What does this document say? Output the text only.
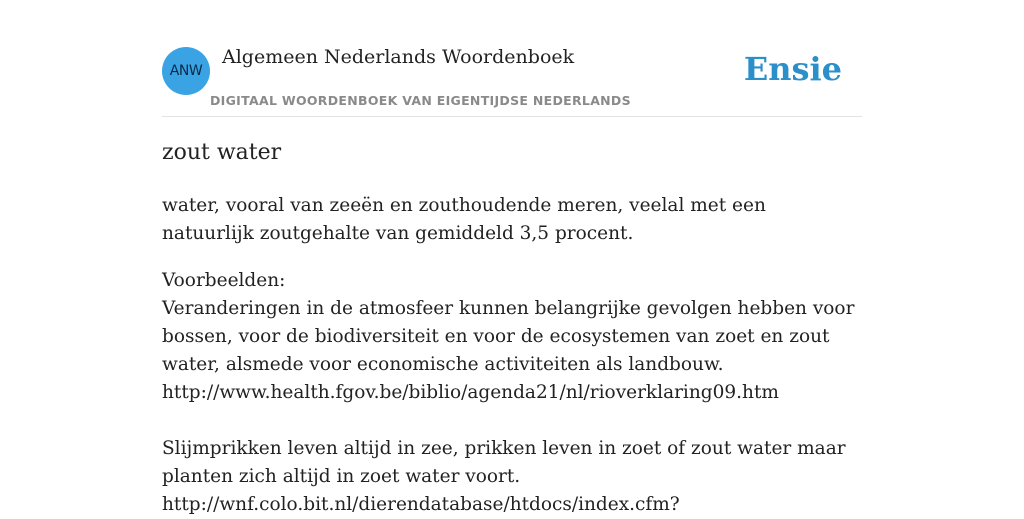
ANW
Algemeen Nederlands Woordenboek	Ensie
DIGITAAL WOORDENBOEK VAN EIGENTIJDSE NEDERLANDS
zout water
water, vooral van zeeën en zouthoudende meren, veelal met een natuurlijk zoutgehalte van gemiddeld 3,5 procent.

Voorbeelden:

Veranderingen in de atmosfeer kunnen belangrijke gevolgen hebben voor bossen, voor de biodiversiteit en voor de ecosystemen van zoet en zout water, alsmede voor economische activiteiten als landbouw.

http://www.health.fgov.be/biblio/agenda21/nl/rioverklaring09.htm

Slijmprikken leven altijd in zee, prikken leven in zoet of zout water maar planten zich altijd in zoet water voort.

http://wnf.colo.bit.nl/dierendatabase/htdocs/index.cfm?
